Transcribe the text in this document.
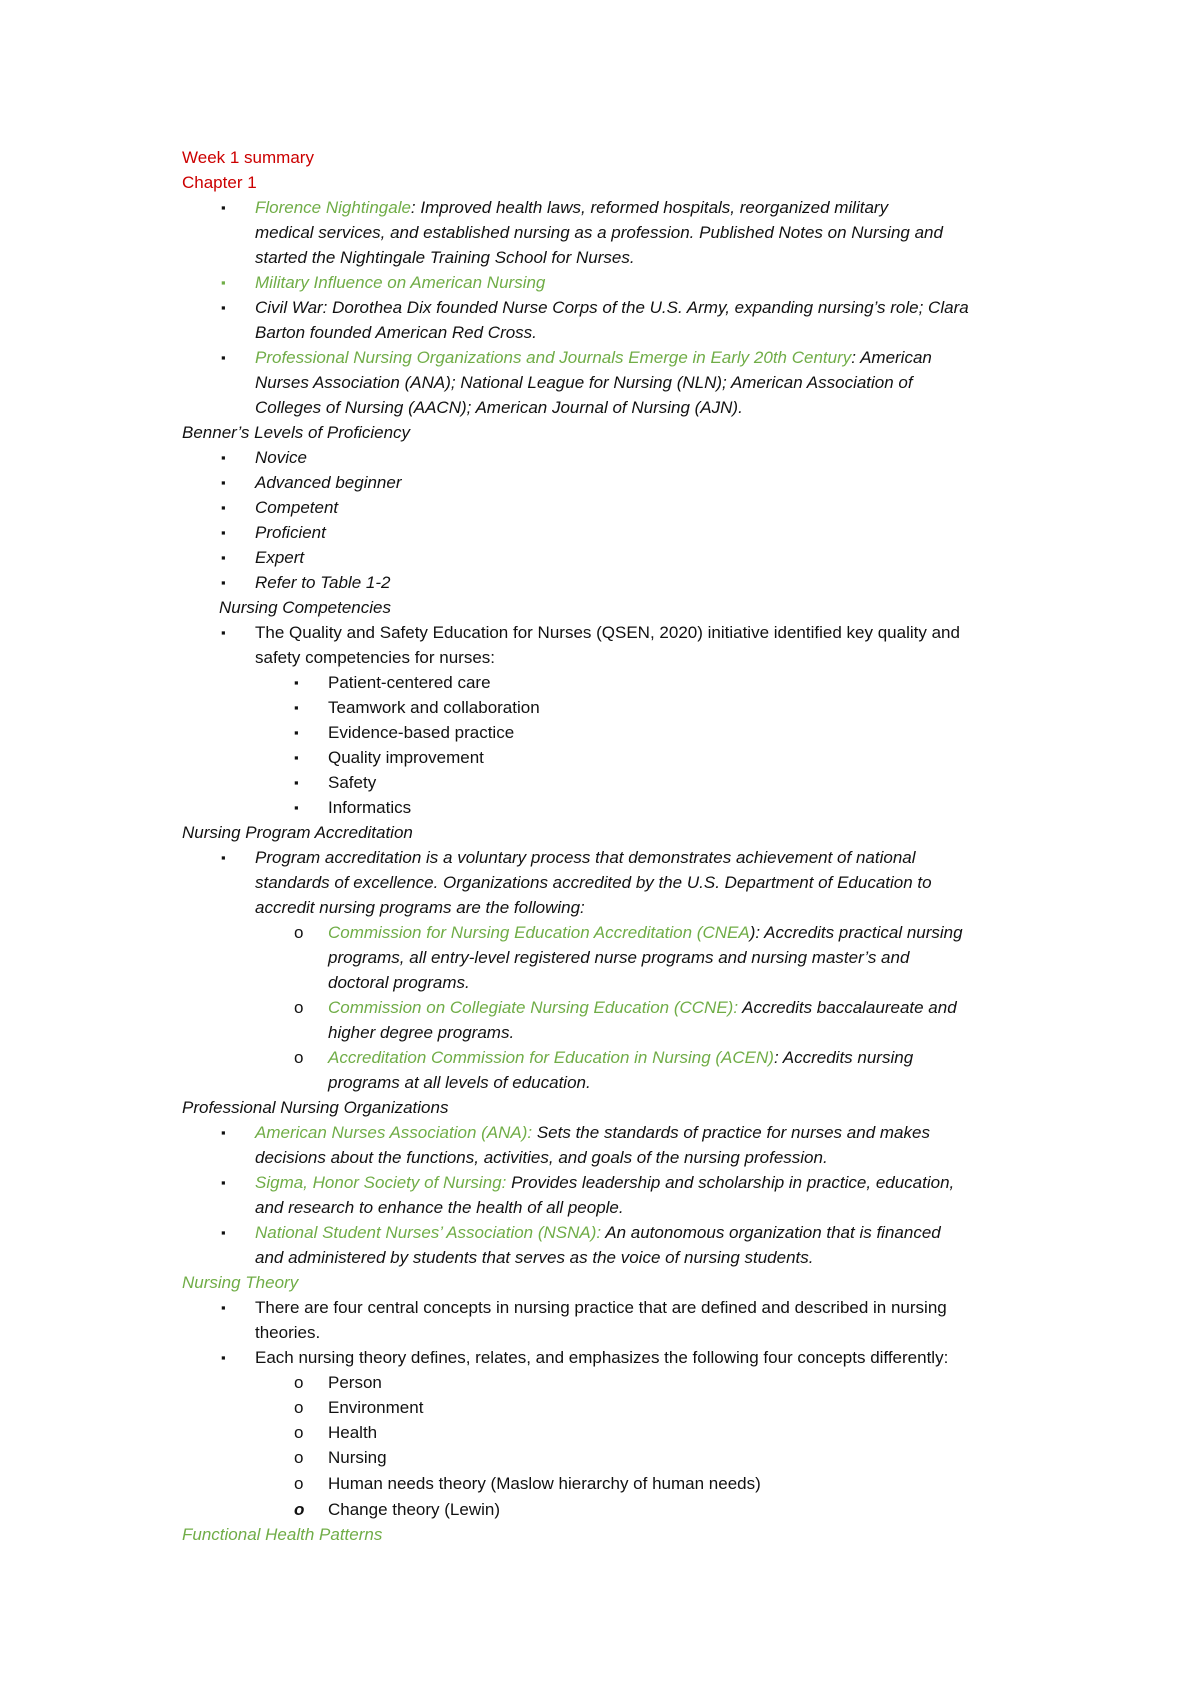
Week 1 summary
Chapter 1
▪ Florence Nightingale: Improved health laws, reformed hospitals, reorganized military
medical services, and established nursing as a profession. Published Notes on Nursing and
started the Nightingale Training School for Nurses.
▪ Military Influence on American Nursing
▪ Civil War: Dorothea Dix founded Nurse Corps of the U.S. Army, expanding nursing’s role; Clara
Barton founded American Red Cross.
▪ Professional Nursing Organizations and Journals Emerge in Early 20th Century: American
Nurses Association (ANA); National League for Nursing (NLN); American Association of
Colleges of Nursing (AACN); American Journal of Nursing (AJN).
Benner’s Levels of Proficiency
▪ Novice
▪ Advanced beginner
▪ Competent
▪ Proficient
▪ Expert
▪ Refer to Table 1-2
Nursing Competencies
▪ The Quality and Safety Education for Nurses (QSEN, 2020) initiative identified key quality and
safety competencies for nurses:
▪ Patient-centered care
▪ Teamwork and collaboration
▪ Evidence-based practice
▪ Quality improvement
▪ Safety
▪ Informatics
Nursing Program Accreditation
▪ Program accreditation is a voluntary process that demonstrates achievement of national
standards of excellence. Organizations accredited by the U.S. Department of Education to
accredit nursing programs are the following:
o Commission for Nursing Education Accreditation (CNEA): Accredits practical nursing
programs, all entry-level registered nurse programs and nursing master’s and
doctoral programs.
o Commission on Collegiate Nursing Education (CCNE): Accredits baccalaureate and
higher degree programs.
o Accreditation Commission for Education in Nursing (ACEN): Accredits nursing
programs at all levels of education.
Professional Nursing Organizations
▪ American Nurses Association (ANA): Sets the standards of practice for nurses and makes
decisions about the functions, activities, and goals of the nursing profession.
▪ Sigma, Honor Society of Nursing: Provides leadership and scholarship in practice, education,
and research to enhance the health of all people.
▪ National Student Nurses’ Association (NSNA): An autonomous organization that is financed
and administered by students that serves as the voice of nursing students.
Nursing Theory
▪ There are four central concepts in nursing practice that are defined and described in nursing
theories.
▪ Each nursing theory defines, relates, and emphasizes the following four concepts differently:
o Person
o Environment
o Health
o Nursing
o Human needs theory (Maslow hierarchy of human needs)
o Change theory (Lewin)
Functional Health Patterns
